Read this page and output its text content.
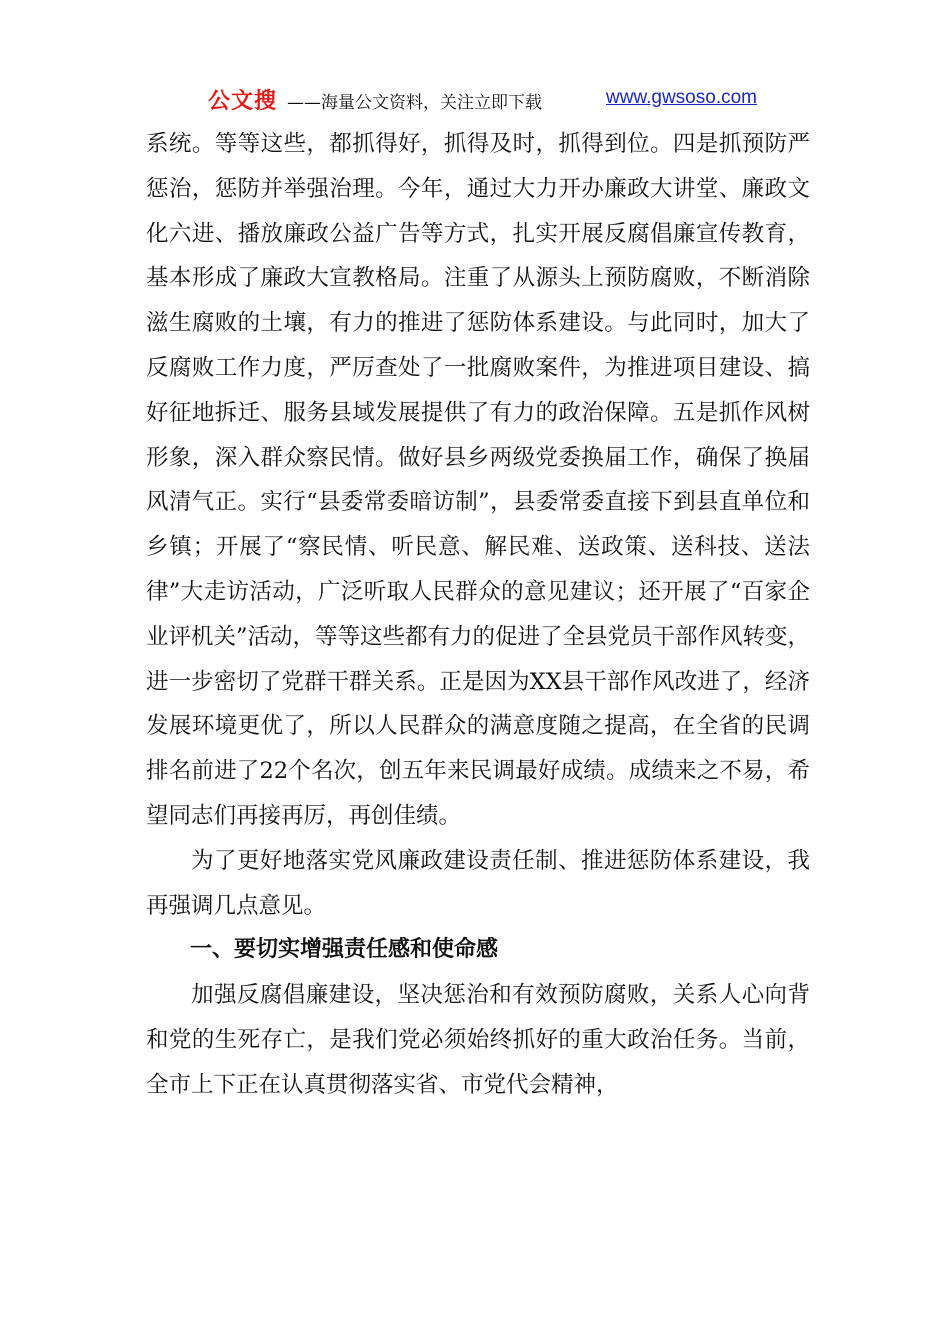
公文搜 ——海量公文资料，关注立即下载	www.gwsoso.com

系统。等等这些，都抓得好，抓得及时，抓得到位。四是抓预防严惩治，惩防并举强治理。今年，通过大力开办廉政大讲堂、廉政文化六进、播放廉政公益广告等方式，扎实开展反腐倡廉宣传教育，基本形成了廉政大宣教格局。注重了从源头上预防腐败，不断消除滋生腐败的土壤，有力的推进了惩防体系建设。与此同时，加大了反腐败工作力度，严厉查处了一批腐败案件，为推进项目建设、搞好征地拆迁、服务县域发展提供了有力的政治保障。五是抓作风树形象，深入群众察民情。做好县乡两级党委换届工作，确保了换届风清气正。实行“县委常委暗访制”，县委常委直接下到县直单位和乡镇；开展了“察民情、听民意、解民难、送政策、送科技、送法律”大走访活动，广泛听取人民群众的意见建议；还开展了“百家企业评机关”活动，等等这些都有力的促进了全县党员干部作风转变，进一步密切了党群干群关系。正是因为XX县干部作风改进了，经济发展环境更优了，所以人民群众的满意度随之提高，在全省的民调排名前进了22个名次，创五年来民调最好成绩。成绩来之不易，希望同志们再接再厉，再创佳绩。

为了更好地落实党风廉政建设责任制、推进惩防体系建设，我再强调几点意见。

一、要切实增强责任感和使命感

加强反腐倡廉建设，坚决惩治和有效预防腐败，关系人心向背和党的生死存亡，是我们党必须始终抓好的重大政治任务。当前，全市上下正在认真贯彻落实省、市党代会精神，
